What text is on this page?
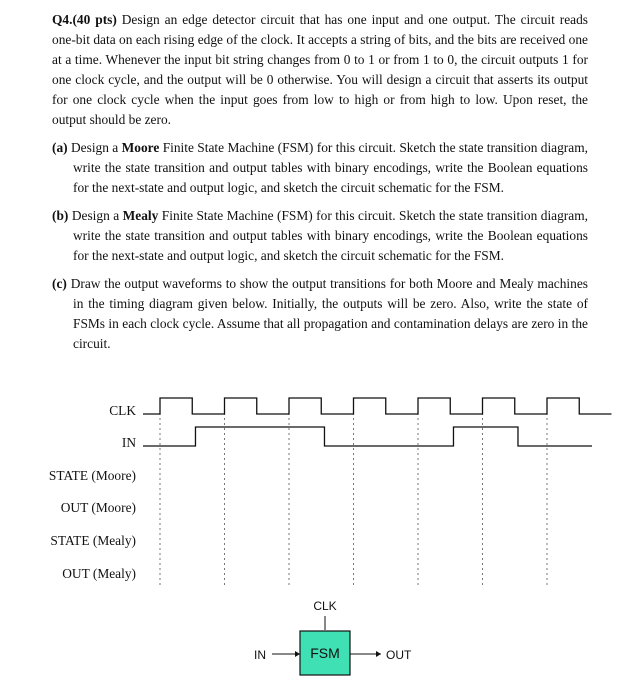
Q4.(40 pts) Design an edge detector circuit that has one input and one output. The circuit reads one-bit data on each rising edge of the clock. It accepts a string of bits, and the bits are received one at a time. Whenever the input bit string changes from 0 to 1 or from 1 to 0, the circuit outputs 1 for one clock cycle, and the output will be 0 otherwise. You will design a circuit that asserts its output for one clock cycle when the input goes from low to high or from high to low. Upon reset, the output should be zero.

(a) Design a Moore Finite State Machine (FSM) for this circuit. Sketch the state transition diagram, write the state transition and output tables with binary encodings, write the Boolean equations for the next-state and output logic, and sketch the circuit schematic for the FSM.

(b) Design a Mealy Finite State Machine (FSM) for this circuit. Sketch the state transition diagram, write the state transition and output tables with binary encodings, write the Boolean equations for the next-state and output logic, and sketch the circuit schematic for the FSM.

(c) Draw the output waveforms to show the output transitions for both Moore and Mealy machines in the timing diagram given below. Initially, the outputs will be zero. Also, write the state of FSMs in each clock cycle. Assume that all propagation and contamination delays are zero in the circuit.

CLK
IN
STATE (Moore)
OUT (Moore)
STATE (Mealy)
OUT (Mealy)
CLK
IN	FSM	OUT
